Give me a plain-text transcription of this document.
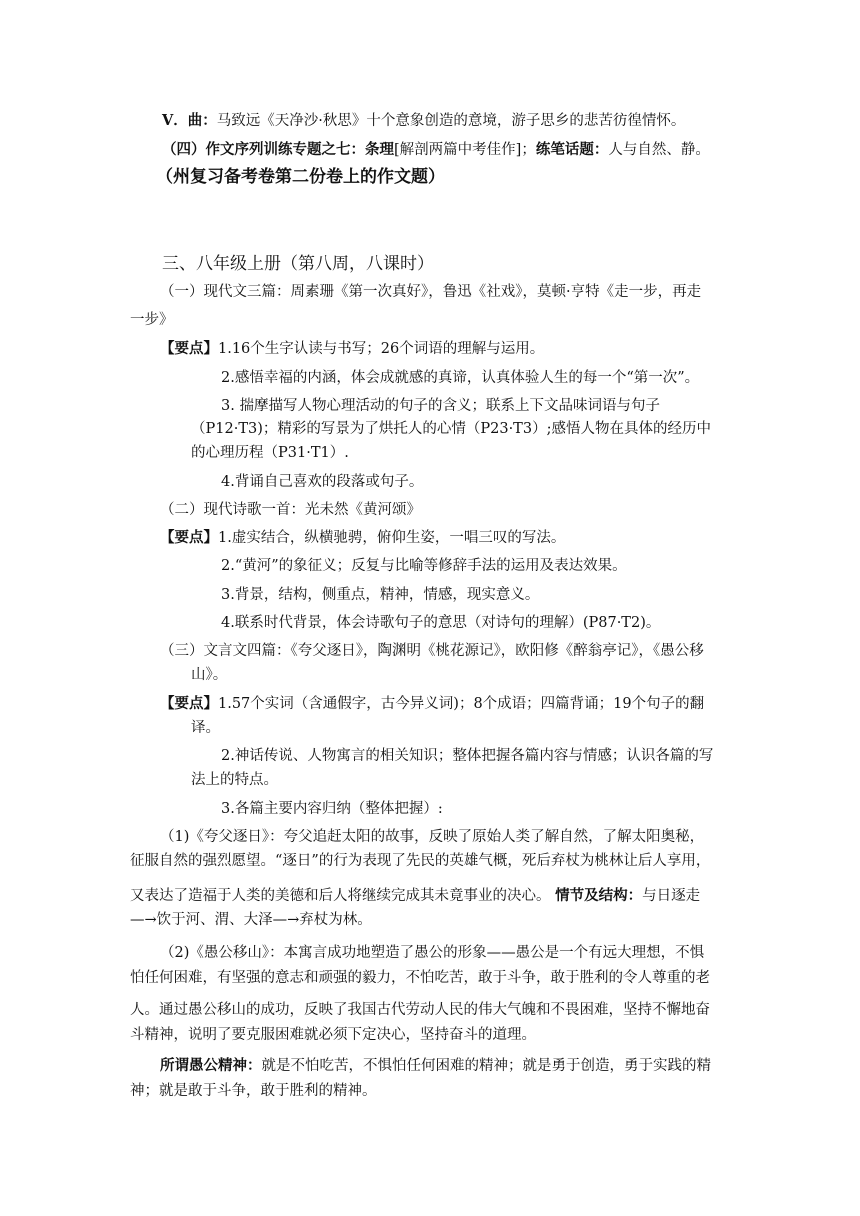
V．曲：马致远《天净沙·秋思》十个意象创造的意境，游子思乡的悲苦彷徨情怀。
（四）作文序列训练专题之七：条理[解剖两篇中考佳作]；练笔话题：人与自然、静。
（州复习备考卷第二份卷上的作文题）
三、八年级上册（第八周，八课时）
（一）现代文三篇：周素珊《第一次真好》，鲁迅《社戏》，莫顿·亨特《走一步，再走
一步》
【要点】1.16个生字认读与书写；26个词语的理解与运用。
2.感悟幸福的内涵，体会成就感的真谛，认真体验人生的每一个“第一次”。
3. 揣摩描写人物心理活动的句子的含义；联系上下文品味词语与句子
（P12·T3)；精彩的写景为了烘托人的心情（P23·T3）;感悟人物在具体的经历中
的心理历程（P31·T1）.
4.背诵自己喜欢的段落或句子。
（二）现代诗歌一首：光未然《黄河颂》
【要点】1.虚实结合，纵横驰骋，俯仰生姿，一唱三叹的写法。
2.“黄河”的象征义；反复与比喻等修辞手法的运用及表达效果。
3.背景，结构，侧重点，精神，情感，现实意义。
4.联系时代背景，体会诗歌句子的意思（对诗句的理解）(P87·T2)。
（三）文言文四篇：《夸父逐日》，陶渊明《桃花源记》，欧阳修《醉翁亭记》，《愚公移
山》。
【要点】1.57个实词（含通假字，古今异义词)；8个成语；四篇背诵；19个句子的翻
译。
2.神话传说、人物寓言的相关知识；整体把握各篇内容与情感；认识各篇的写
法上的特点。
3.各篇主要内容归纳（整体把握）:
（1)《夸父逐日》：夸父追赶太阳的故事，反映了原始人类了解自然，了解太阳奥秘，
征服自然的强烈愿望。“逐日”的行为表现了先民的英雄气概，死后弃杖为桃林让后人享用，
又表达了造福于人类的美德和后人将继续完成其未竟事业的决心。 情节及结构：与日逐走
—→饮于河、渭、大泽—→弃杖为林。
（2)《愚公移山》：本寓言成功地塑造了愚公的形象——愚公是一个有远大理想，不惧
怕任何困难，有坚强的意志和顽强的毅力，不怕吃苦，敢于斗争，敢于胜利的令人尊重的老
人。通过愚公移山的成功，反映了我国古代劳动人民的伟大气魄和不畏困难，坚持不懈地奋
斗精神，说明了要克服困难就必须下定决心，坚持奋斗的道理。
所谓愚公精神：就是不怕吃苦，不惧怕任何困难的精神；就是勇于创造，勇于实践的精
神；就是敢于斗争，敢于胜利的精神。
